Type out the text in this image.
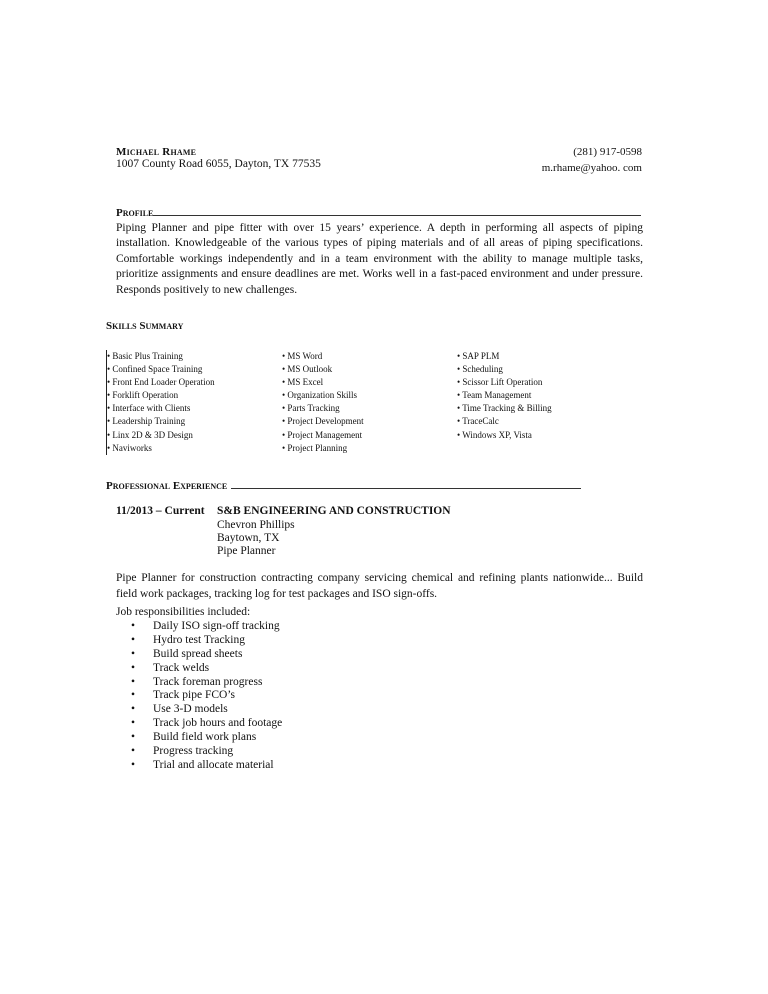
Michael Rhame
1007 County Road 6055, Dayton, TX 77535
(281) 917-0598
m.rhame@yahoo. com
Profile
Piping Planner and pipe fitter with over 15 years’ experience. A depth in performing all aspects of piping installation. Knowledgeable of the various types of piping materials and of all areas of piping specifications. Comfortable workings independently and in a team environment with the ability to manage multiple tasks, prioritize assignments and ensure deadlines are met. Works well in a fast-paced environment and under pressure. Responds positively to new challenges.
Skills Summary
• Basic Plus Training
• Confined Space Training
• Front End Loader Operation
• Forklift Operation
• Interface with Clients
• Leadership Training
• Linx 2D & 3D Design
• Naviworks
• MS Word
• MS Outlook
• MS Excel
• Organization Skills
• Parts Tracking
• Project Development
• Project Management
• Project Planning
• SAP PLM
• Scheduling
• Scissor Lift Operation
• Team Management
• Time Tracking & Billing
• TraceCalc
• Windows XP, Vista
Professional Experience
11/2013 – Current S&B ENGINEERING AND CONSTRUCTION
Chevron Phillips
Baytown, TX
Pipe Planner
Pipe Planner for construction contracting company servicing chemical and refining plants nationwide... Build field work packages, tracking log for test packages and ISO sign-offs.
Job responsibilities included:
• Daily ISO sign-off tracking
• Hydro test Tracking
• Build spread sheets
• Track welds
• Track foreman progress
• Track pipe FCO’s
• Use 3-D models
• Track job hours and footage
• Build field work plans
• Progress tracking
• Trial and allocate material
